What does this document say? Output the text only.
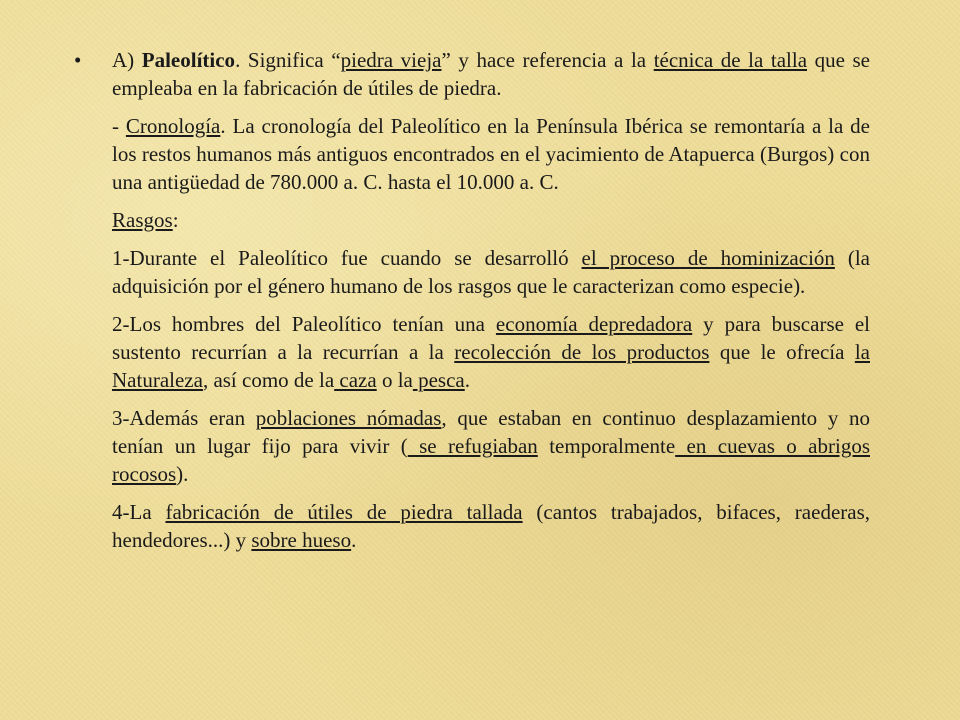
• A) Paleolítico. Significa “piedra vieja” y hace referencia a la técnica de la talla que se empleaba en la fabricación de útiles de piedra.

- Cronología. La cronología del Paleolítico en la Península Ibérica se remontaría a la de los restos humanos más antiguos encontrados en el yacimiento de Atapuerca (Burgos) con una antigüedad de 780.000 a. C. hasta el 10.000 a. C.

Rasgos:

1-Durante el Paleolítico fue cuando se desarrolló el proceso de hominización (la adquisición por el género humano de los rasgos que le caracterizan como especie).

2-Los hombres del Paleolítico tenían una economía depredadora y para buscarse el sustento recurrían a la recurrían a la recolección de los productos que le ofrecía la Naturaleza, así como de la caza o la pesca.

3-Además eran poblaciones nómadas, que estaban en continuo desplazamiento y no tenían un lugar fijo para vivir ( se refugiaban temporalmente en cuevas o abrigos rocosos).

4-La fabricación de útiles de piedra tallada (cantos trabajados, bifaces, raederas, hendedores...) y sobre hueso.
